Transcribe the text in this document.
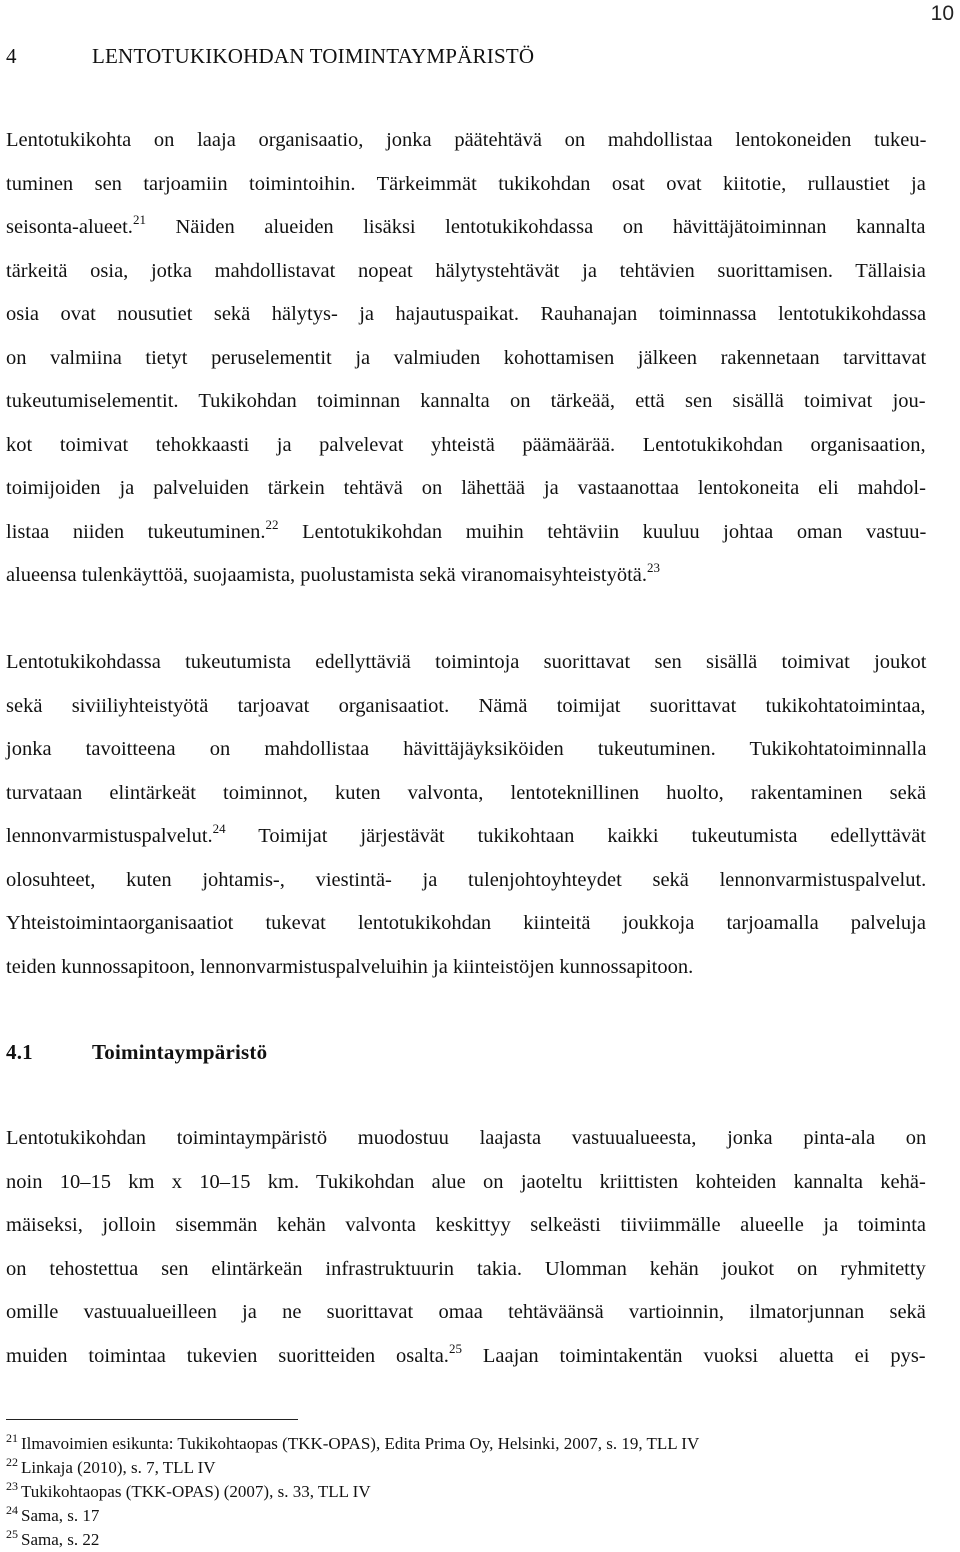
10
4	LENTOTUKIKOHDAN TOIMINTAYMPÄRISTÖ
Lentotukikohta on laaja organisaatio, jonka päätehtävä on mahdollistaa lentokoneiden tukeu-
tuminen sen tarjoamiin toimintoihin. Tärkeimmät tukikohdan osat ovat kiitotie, rullaustiet ja
seisonta-alueet.$^{21}$ Näiden alueiden lisäksi lentotukikohdassa on hävittäjätoiminnan kannalta
tärkeitä osia, jotka mahdollistavat nopeat hälytystehtävät ja tehtävien suorittamisen. Tällaisia
osia ovat nousutiet sekä hälytys- ja hajautuspaikat. Rauhanajan toiminnassa lentotukikohdassa
on valmiina tietyt peruselementit ja valmiuden kohottamisen jälkeen rakennetaan tarvittavat
tukeutumiselementit. Tukikohdan toiminnan kannalta on tärkeää, että sen sisällä toimivat jou-
kot toimivat tehokkaasti ja palvelevat yhteistä päämäärää. Lentotukikohdan organisaation,
toimijoiden ja palveluiden tärkein tehtävä on lähettää ja vastaanottaa lentokoneita eli mahdol-
listaa niiden tukeutuminen.$^{22}$ Lentotukikohdan muihin tehtäviin kuuluu johtaa oman vastuu-
alueensa tulenkäyttöä, suojaamista, puolustamista sekä viranomaisyhteistyötä.$^{23}$
Lentotukikohdassa tukeutumista edellyttäviä toimintoja suorittavat sen sisällä toimivat joukot
sekä siviiliyhteistyötä tarjoavat organisaatiot. Nämä toimijat suorittavat tukikohtatoimintaa,
jonka tavoitteena on mahdollistaa hävittäjäyksiköiden tukeutuminen. Tukikohtatoiminnalla
turvataan elintärkeät toiminnot, kuten valvonta, lentoteknillinen huolto, rakentaminen sekä
lennonvarmistuspalvelut.$^{24}$ Toimijat järjestävät tukikohtaan kaikki tukeutumista edellyttävät
olosuhteet, kuten johtamis-, viestintä- ja tulenjohtoyhteydet sekä lennonvarmistuspalvelut.
Yhteistoimintaorganisaatiot tukevat lentotukikohdan kiinteitä joukkoja tarjoamalla palveluja
teiden kunnossapitoon, lennonvarmistuspalveluihin ja kiinteistöjen kunnossapitoon.
4.1	Toimintaympäristö
Lentotukikohdan toimintaympäristö muodostuu laajasta vastuualueesta, jonka pinta-ala on
noin 10–15 km x 10–15 km. Tukikohdan alue on jaoteltu kriittisten kohteiden kannalta kehä-
mäiseksi, jolloin sisemmän kehän valvonta keskittyy selkeästi tiiviimmälle alueelle ja toiminta
on tehostettua sen elintärkeän infrastruktuurin takia. Ulomman kehän joukot on ryhmitetty
omille vastuualueilleen ja ne suorittavat omaa tehtäväänsä vartioinnin, ilmatorjunnan sekä
muiden toimintaa tukevien suoritteiden osalta.$^{25}$ Laajan toimintakentän vuoksi aluetta ei pys-
$^{21}$ Ilmavoimien esikunta: Tukikohtaopas (TKK-OPAS), Edita Prima Oy, Helsinki, 2007, s. 19, TLL IV
$^{22}$ Linkaja (2010), s. 7, TLL IV
$^{23}$ Tukikohtaopas (TKK-OPAS) (2007), s. 33, TLL IV
$^{24}$ Sama, s. 17
$^{25}$ Sama, s. 22
